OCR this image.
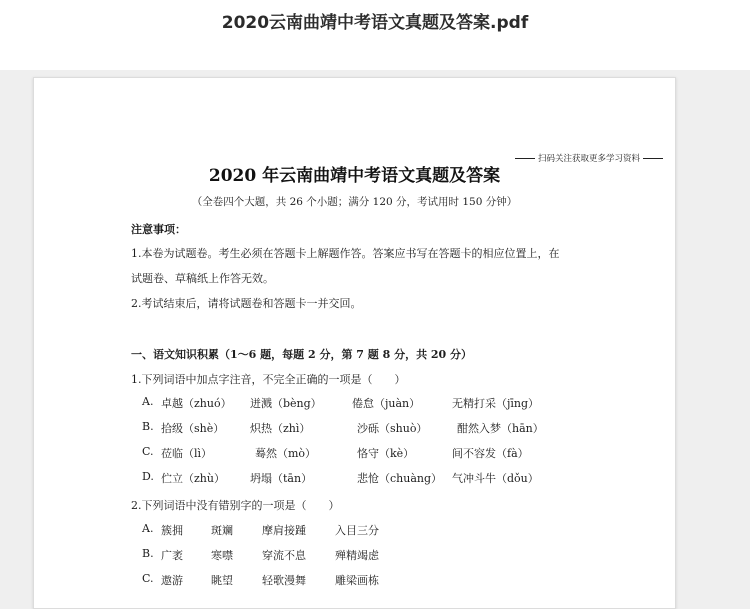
2020云南曲靖中考语文真题及答案.pdf
扫码关注获取更多学习资料
2020 年云南曲靖中考语文真题及答案
（全卷四个大题，共 26 个小题；满分 120 分，考试用时 150 分钟）
注意事项：
1.本卷为试题卷。考生必须在答题卡上解题作答。答案应书写在答题卡的相应位置上，在
试题卷、草稿纸上作答无效。
2.考试结束后，请将试题卷和答题卡一并交回。
一、语文知识积累（1～6 题，每题 2 分，第 7 题 8 分，共 20 分）
1.下列词语中加点字注音，不完全正确的一项是（　　）
A. 卓越（zhuó） 迸溅（bèng）	倦怠（juàn）	无精打采（jīng）
B. 拾级（shè） 炽热（zhì）	沙砾（shuò）	酣然入梦（hān）
C. 莅临（lì）	蓦然（mò）	恪守（kè）	间不容发（fà）
D. 伫立（zhù） 坍塌（tān）	悲怆（chuàng） 气冲斗牛（dǒu）
2.下列词语中没有错别字的一项是（　　）
A. 簇拥	斑斓	摩肩接踵	入目三分
B. 广袤	寒噤	穿流不息	殚精竭虑
C. 遨游	眺望	轻歌漫舞	雕梁画栋
